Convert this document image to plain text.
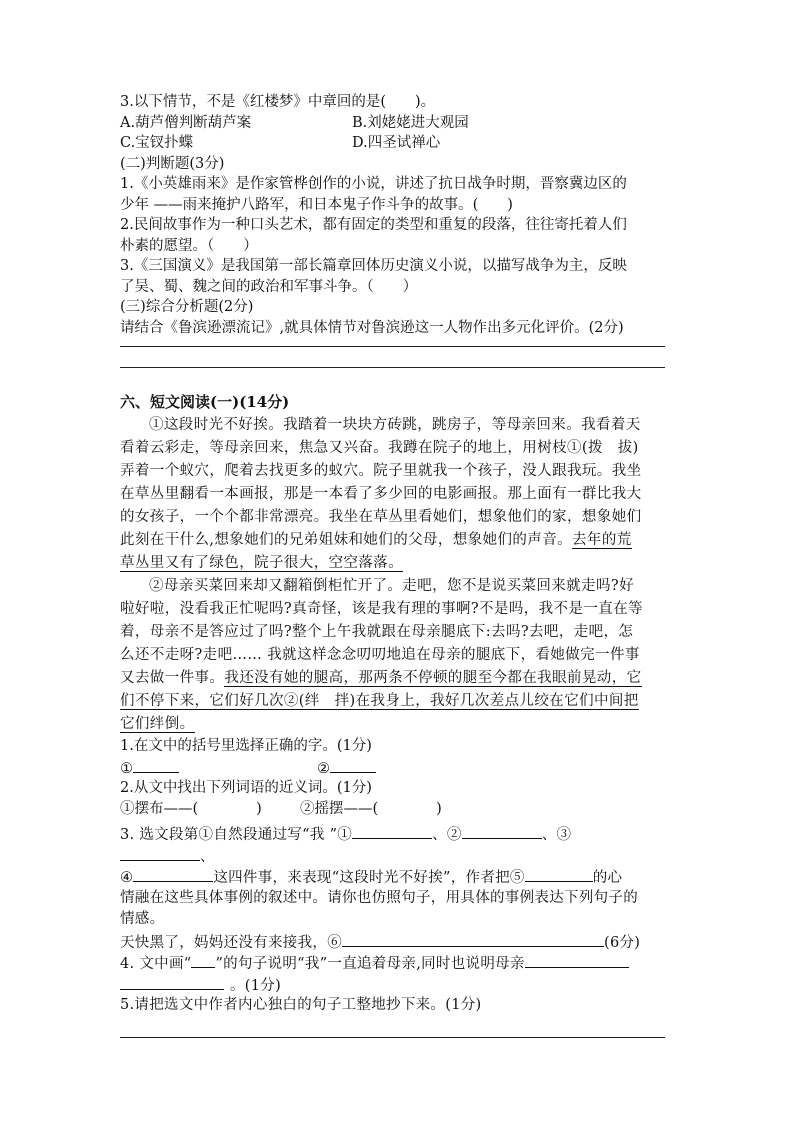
3.以下情节，不是《红楼梦》中章回的是(　　)。
A.葫芦僧判断葫芦案	B.刘姥姥进大观园
C.宝钗扑蝶	D.四圣试禅心
(二)判断题(3分)
1.《小英雄雨来》是作家管桦创作的小说，讲述了抗日战争时期，晋察冀边区的
少年 ——雨来掩护八路军，和日本鬼子作斗争的故事。(　　)
2.民间故事作为一种口头艺术，都有固定的类型和重复的段落，往往寄托着人们
朴素的愿望。（　　）
3.《三国演义》是我国第一部长篇章回体历史演义小说，以描写战争为主，反映
了吴、蜀、魏之间的政治和军事斗争。（　　）
(三)综合分析题(2分)
请结合《鲁滨逊漂流记》,就具体情节对鲁滨逊这一人物作出多元化评价。(2分)
六、短文阅读(一)(14分)
①这段时光不好挨。我踏着一块块方砖跳，跳房子，等母亲回来。我看着天
看着云彩走，等母亲回来，焦急又兴奋。我蹲在院子的地上，用树枝①(拨　拔)
弄着一个蚁穴，爬着去找更多的蚁穴。院子里就我一个孩子，没人跟我玩。我坐
在草丛里翻看一本画报，那是一本看了多少回的电影画报。那上面有一群比我大
的女孩子，一个个都非常漂亮。我坐在草丛里看她们，想象他们的家，想象她们
此刻在干什么,想象她们的兄弟姐妹和她们的父母，想象她们的声音。去年的荒
草丛里又有了绿色，院子很大，空空落落。
②母亲买菜回来却又翻箱倒柜忙开了。走吧，您不是说买菜回来就走吗?好
啦好啦，没看我正忙呢吗?真奇怪，该是我有理的事啊?不是吗，我不是一直在等
着，母亲不是答应过了吗?整个上午我就跟在母亲腿底下:去吗?去吧，走吧，怎
么还不走呀?走吧…… 我就这样念念叨叨地追在母亲的腿底下，看她做完一件事
又去做一件事。我还没有她的腿高，那两条不停顿的腿至今都在我眼前晃动，它
们不停下来，它们好几次②(绊　拌)在我身上，我好几次差点儿绞在它们中间把
它们绊倒。
1.在文中的括号里选择正确的字。(1分)
①	②
2.从文中找出下列词语的近义词。(1分)
①摆布——(　　　　)	②摇摆——(　　　　)
3. 选文段第①自然段通过写“我 ”①	、②	、③
、
④	这四件事，来表现“这段时光不好挨”，作者把⑤	的心
情融在这些具体事例的叙述中。请你也仿照句子，用具体的事例表达下列句子的
情感。
天快黑了，妈妈还没有来接我，⑥	(6分)
4. 文中画“ ”的句子说明“我”一直追着母亲,同时也说明母亲
。(1分)
5.请把选文中作者内心独白的句子工整地抄下来。(1分)
